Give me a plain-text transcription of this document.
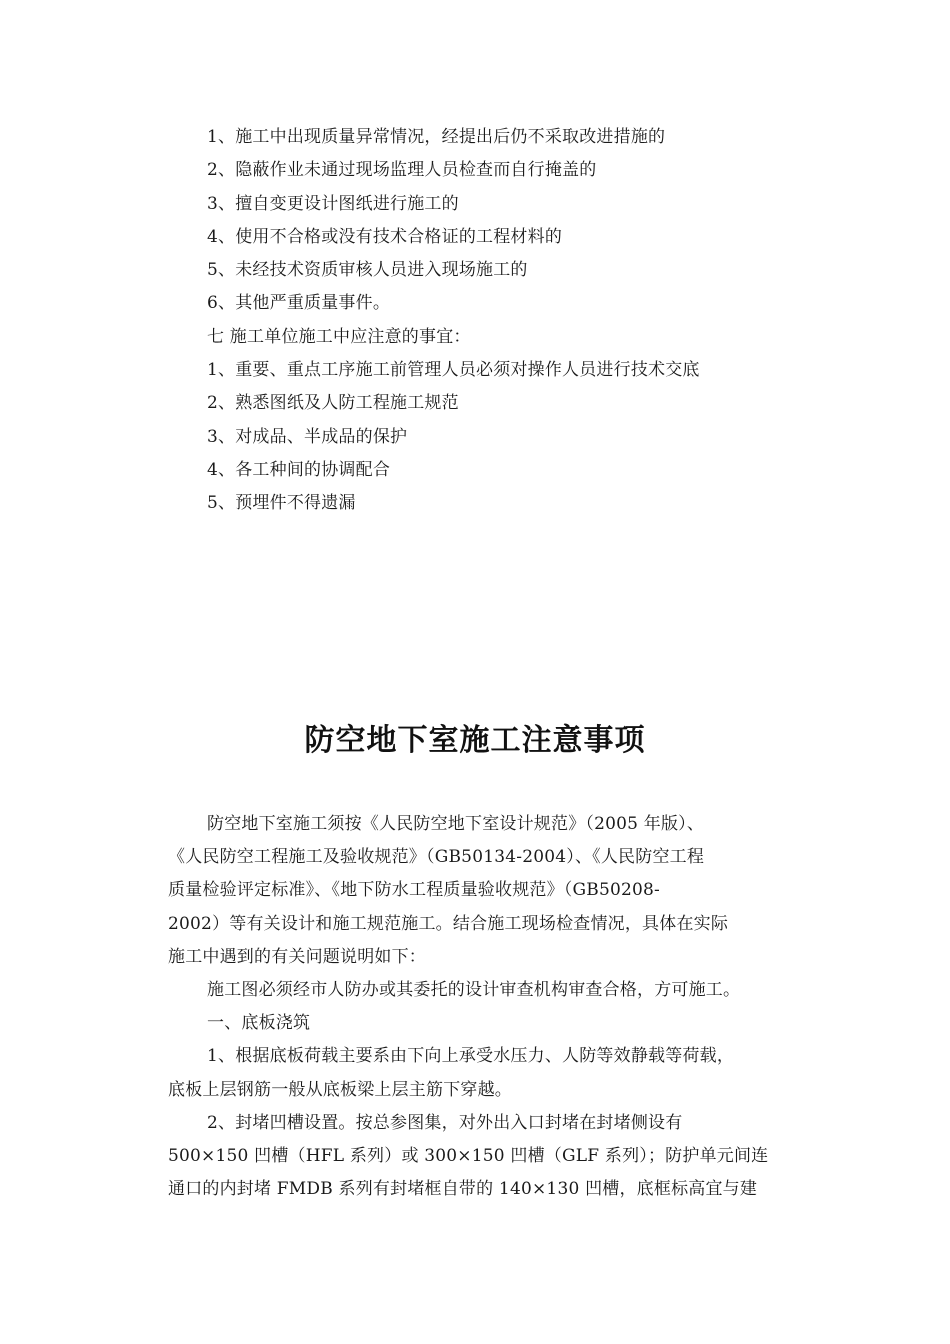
1、施工中出现质量异常情况，经提出后仍不采取改进措施的
2、隐蔽作业未通过现场监理人员检查而自行掩盖的
3、擅自变更设计图纸进行施工的
4、使用不合格或没有技术合格证的工程材料的
5、未经技术资质审核人员进入现场施工的
6、其他严重质量事件。
七 施工单位施工中应注意的事宜：
1、重要、重点工序施工前管理人员必须对操作人员进行技术交底
2、熟悉图纸及人防工程施工规范
3、对成品、半成品的保护
4、各工种间的协调配合
5、预埋件不得遗漏
防空地下室施工注意事项
防空地下室施工须按《人民防空地下室设计规范》（2005 年版）、
《人民防空工程施工及验收规范》（GB50134-2004）、《人民防空工程
质量检验评定标准》、《地下防水工程质量验收规范》（GB50208-
2002）等有关设计和施工规范施工。结合施工现场检查情况，具体在实际
施工中遇到的有关问题说明如下：
施工图必须经市人防办或其委托的设计审查机构审查合格，方可施工。
一、底板浇筑
1、根据底板荷载主要系由下向上承受水压力、人防等效静载等荷载，
底板上层钢筋一般从底板梁上层主筋下穿越。
2、封堵凹槽设置。按总参图集，对外出入口封堵在封堵侧设有
500×150 凹槽（HFL 系列）或 300×150 凹槽（GLF 系列）；防护单元间连
通口的内封堵 FMDB 系列有封堵框自带的 140×130 凹槽，底框标高宜与建
